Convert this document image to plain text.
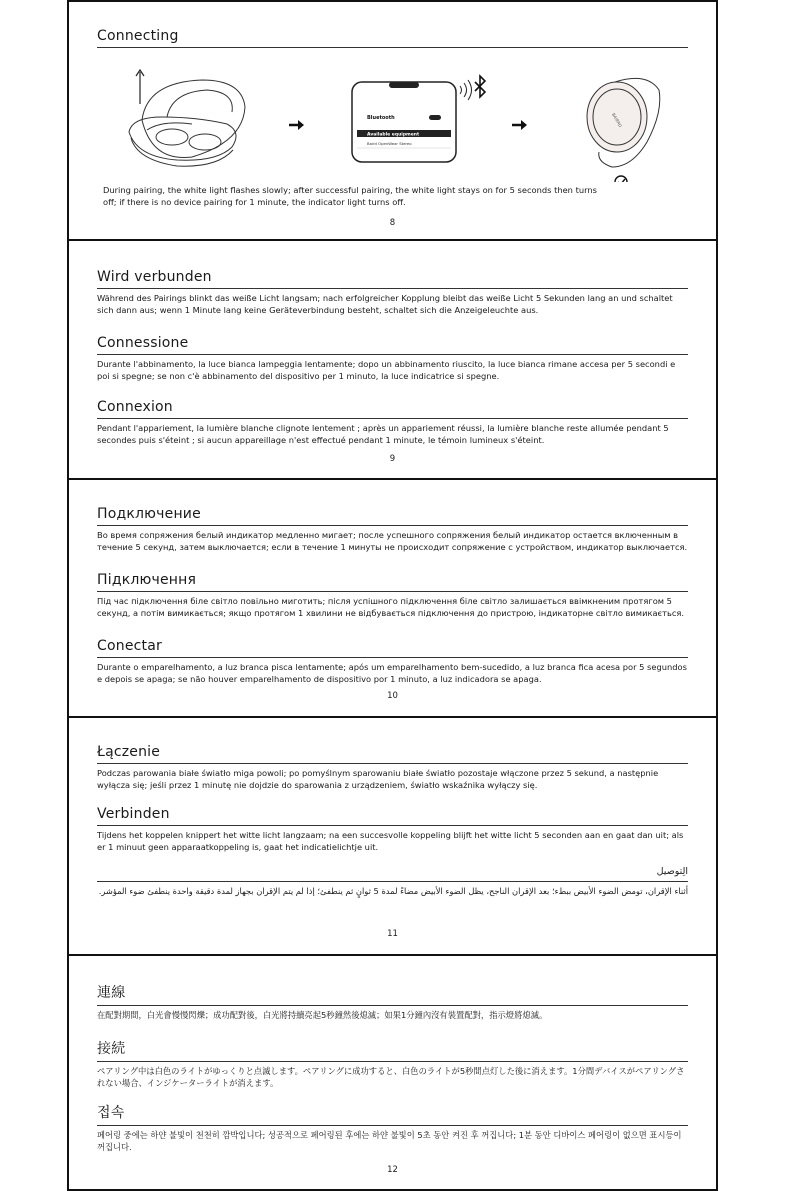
Connecting
Bluetooth
Available equipment
Baird OpenWear Stereo
BAIRRD

During pairing, the white light flashes slowly; after successful pairing, the white light stays on for 5 seconds then turns off; if there is no device pairing for 1 minute, the indicator light turns off.

8
Wird verbunden

Während des Pairings blinkt das weiße Licht langsam; nach erfolgreicher Kopplung bleibt das weiße Licht 5 Sekunden lang an und schaltet sich dann aus; wenn 1 Minute lang keine Geräteverbindung besteht, schaltet sich die Anzeigeleuchte aus.

Connessione

Durante l'abbinamento, la luce bianca lampeggia lentamente; dopo un abbinamento riuscito, la luce bianca rimane accesa per 5 secondi e poi si spegne; se non c'è abbinamento del dispositivo per 1 minuto, la luce indicatrice si spegne.

Connexion

Pendant l'appariement, la lumière blanche clignote lentement ; après un appariement réussi, la lumière blanche reste allumée pendant 5 secondes puis s'éteint ; si aucun appareillage n'est effectué pendant 1 minute, le témoin lumineux s'éteint.

9
Подключение

Во время сопряжения белый индикатор медленно мигает; после успешного сопряжения белый индикатор остается включенным в течение 5 секунд, затем выключается; если в течение 1 минуты не происходит сопряжение с устройством, индикатор выключается.

Підключення

Під час підключення біле світло повільно миготить; після успішного підключення біле світло залишається ввімкненим протягом 5 секунд, а потім вимикається; якщо протягом 1 хвилини не відбувається підключення до пристрою, індикаторне світло вимикається.

Conectar

Durante o emparelhamento, a luz branca pisca lentamente; após um emparelhamento bem-sucedido, a luz branca fica acesa por 5 segundos e depois se apaga; se não houver emparelhamento de dispositivo por 1 minuto, a luz indicadora se apaga.

10
Łączenie

Podczas parowania białe światło miga powoli; po pomyślnym sparowaniu białe światło pozostaje włączone przez 5 sekund, a następnie wyłącza się; jeśli przez 1 minutę nie dojdzie do sparowania z urządzeniem, światło wskaźnika wyłączy się.

Verbinden

Tijdens het koppelen knippert het witte licht langzaam; na een succesvolle koppeling blijft het witte licht 5 seconden aan en gaat dan uit; als er 1 minuut geen apparaatkoppeling is, gaat het indicatielichtje uit.

الِتوصيل

أثناء الإقران، تومض الضوء الأبيض ببطء؛ بعد الإقران الناجح، يظل الضوء الأبيض مضاءً لمدة 5 ثوانٍ ثم ينطفئ؛ إذا لم يتم الإقران بجهاز لمدة دقيقة واحدة ينطفئ ضوء المؤشر.

11
連線

在配對期間，白光會慢慢閃爍；成功配對後，白光將持續亮起5秒鐘然後熄滅；如果1分鐘內沒有裝置配對，指示燈將熄滅。

接続

ペアリング中は白色のライトがゆっくりと点滅します。ペアリングに成功すると、白色のライトが5秒間点灯した後に消えます。1分間デバイスがペアリングされない場合、インジケーターライトが消えます。

접속

페어링 중에는 하얀 불빛이 천천히 깜박입니다; 성공적으로 페어링된 후에는 하얀 불빛이 5초 동안 켜진 후 꺼집니다; 1분 동안 디바이스 페어링이 없으면 표시등이 꺼집니다.

12
